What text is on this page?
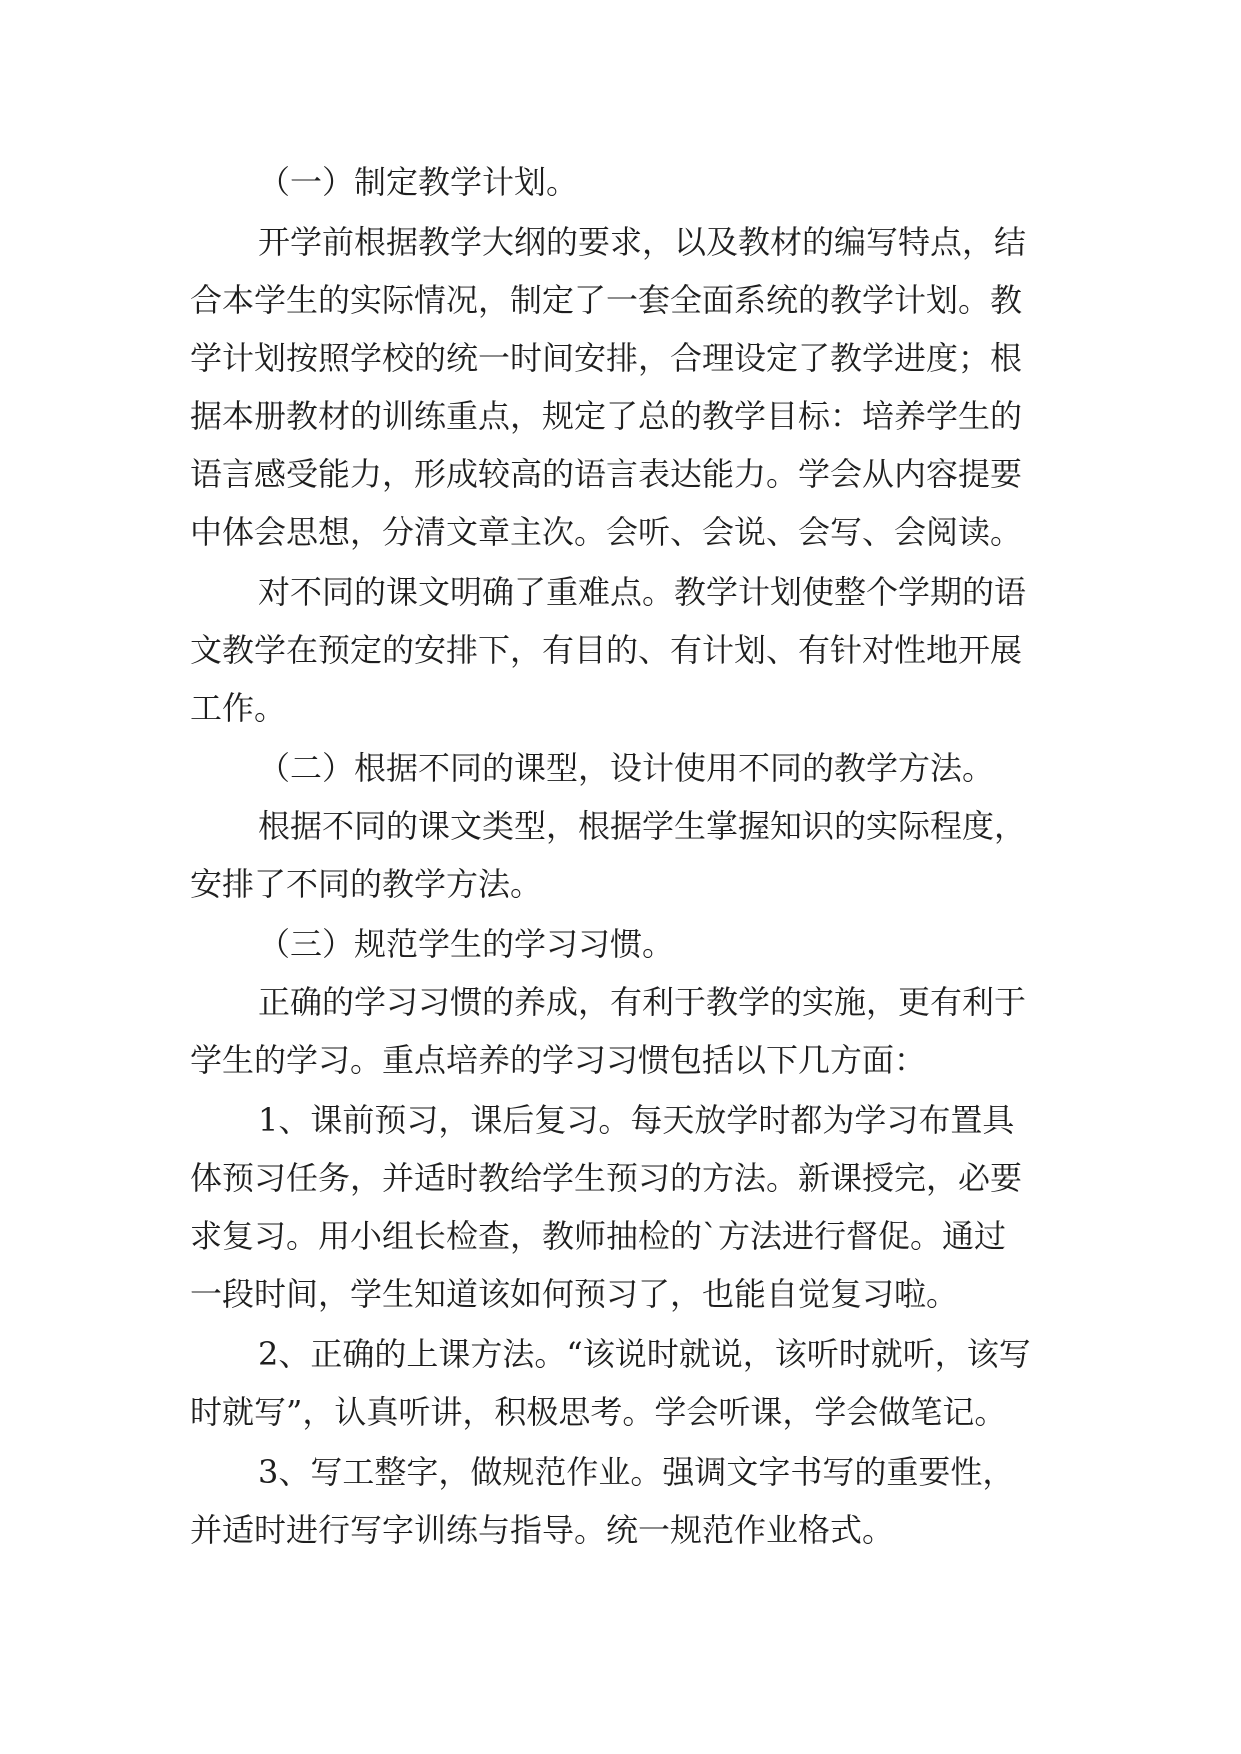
（一）制定教学计划。
开学前根据教学大纲的要求，以及教材的编写特点，结
合本学生的实际情况，制定了一套全面系统的教学计划。教
学计划按照学校的统一时间安排，合理设定了教学进度；根
据本册教材的训练重点，规定了总的教学目标：培养学生的
语言感受能力，形成较高的语言表达能力。学会从内容提要
中体会思想，分清文章主次。会听、会说、会写、会阅读。
对不同的课文明确了重难点。教学计划使整个学期的语
文教学在预定的安排下，有目的、有计划、有针对性地开展
工作。
（二）根据不同的课型，设计使用不同的教学方法。
根据不同的课文类型，根据学生掌握知识的实际程度，
安排了不同的教学方法。
（三）规范学生的学习习惯。
正确的学习习惯的养成，有利于教学的实施，更有利于
学生的学习。重点培养的学习习惯包括以下几方面：
1、课前预习，课后复习。每天放学时都为学习布置具
体预习任务，并适时教给学生预习的方法。新课授完，必要
求复习。用小组长检查，教师抽检的`方法进行督促。通过
一段时间，学生知道该如何预习了，也能自觉复习啦。
2、正确的上课方法。“该说时就说，该听时就听，该写
时就写”，认真听讲，积极思考。学会听课，学会做笔记。
3、写工整字，做规范作业。强调文字书写的重要性，
并适时进行写字训练与指导。统一规范作业格式。
